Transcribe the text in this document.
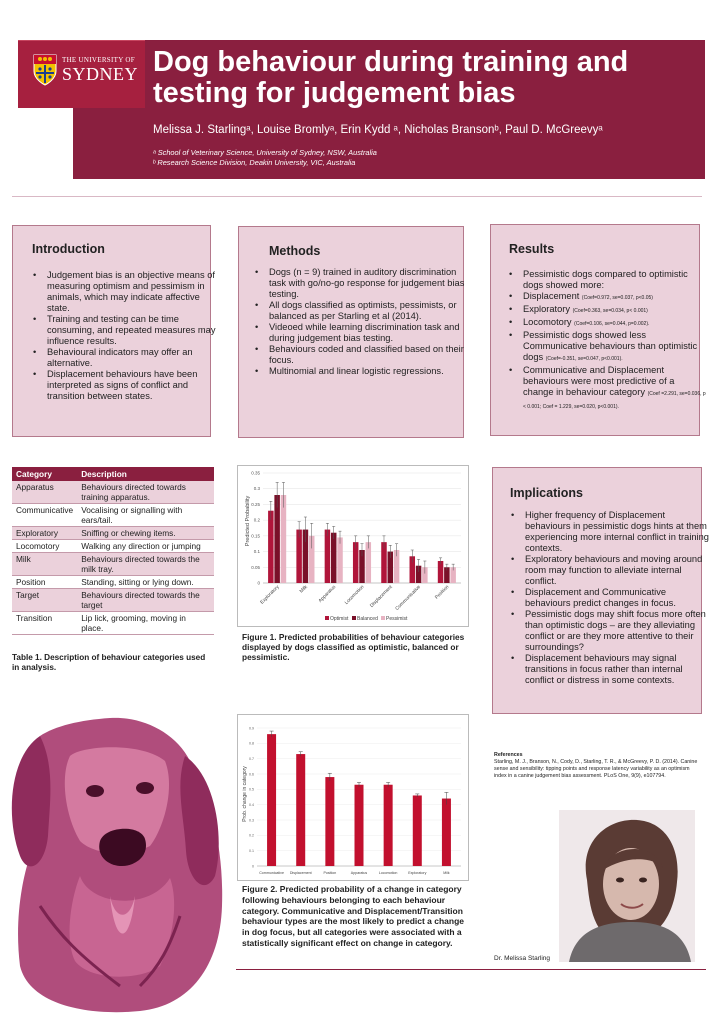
THE UNIVERSITY OF
SYDNEY Dog behaviour during training and testing for judgement bias
Melissa J. Starlingᵃ, Louise Bromlyᵃ, Erin Kydd ᵃ, Nicholas Bransonᵇ, Paul D. McGreevyᵃ
ᵃ School of Veterinary Science, University of Sydney, NSW, Australia
ᵇ Research Science Division, Deakin University, VIC, Australia
Introduction
• Judgement bias is an objective means of measuring optimism and pessimism in animals, which may indicate affective state.
• Training and testing can be time consuming, and repeated measures may influence results.
• Behavioural indicators may offer an alternative.
• Displacement behaviours have been interpreted as signs of conflict and transition between states.
Methods
• Dogs (n = 9) trained in auditory discrimination task with go/no-go response for judgement bias testing.
• All dogs classified as optimists, pessimists, or balanced as per Starling et al (2014).
• Videoed while learning discrimination task and during judgement bias testing.
• Behaviours coded and classified based on their focus.
• Multinomial and linear logistic regressions.
Results
• Pessimistic dogs compared to optimistic dogs showed more:
• Displacement (Coef=0.972, se=0.037, p<0.05)
• Exploratory (Coef=0.363, se=0.034, p< 0.001)
• Locomotory (Coef=0.106, se=0.044, p=0.002).
• Pessimistic dogs showed less Communicative behaviours than optimistic dogs (Coef=-0.351, se=0.047, p<0.001).
• Communicative and Displacement behaviours were most predictive of a change in behaviour category (Coef =2.291, se=0.036, p < 0.001; Coef = 1.229, se=0.020, p<0.001).
Category	Description
Apparatus	Behaviours directed towards training apparatus.
Communicative	Vocalising or signalling with ears/tail.
Exploratory	Sniffing or chewing items.
Locomotory	Walking any direction or jumping
Milk	Behaviours directed towards the milk tray.
Position	Standing, sitting or lying down.
Target	Behaviours directed towards the target
Transition	Lip lick, grooming, moving in place.
Table 1. Description of behaviour categories used in analysis.
0
0.05
0.1
0.15
0.2
0.25
0.3
0.35
Exploratory	Milk Apparatus Locomotion Displacement Communicative	Position
Predicted Probability
Optimist Balanced Pessimist
Figure 1. Predicted probabilities of behaviour categories displayed by dogs classified as optimistic, balanced or pessimistic.
Implications
• Higher frequency of Displacement behaviours in pessimistic dogs hints at them experiencing more internal conflict in training contexts.
• Exploratory behaviours and moving around room may function to alleviate internal conflict.
• Displacement and Communicative behaviours predict changes in focus.
• Pessimistic dogs may shift focus more often than optimistic dogs – are they alleviating conflict or are they more attentive to their surroundings?
• Displacement behaviours may signal transitions in focus rather than internal conflict or distress in some contexts.
0
0.1
0.2
0.3
0.4
0.5
0.6
0.7
0.8
0.9
Communicative Displacement	Position	Apparatus	Locomotion	Exploratory	Milk
Prob. change in category
Figure 2. Predicted probability of a change in category following behaviours belonging to each behaviour category. Communicative and Displacement/Transition behaviour types are the most likely to predict a change in dog focus, but all categories were associated with a statistically significant effect on change in category.
References
Starling, M. J., Branson, N., Cody, D., Starling, T. R., & McGreevy, P. D. (2014). Canine sense and sensibility: tipping points and response latency variability as an optimism index in a canine judgement bias assessment. PLoS One, 9(9), e107794.
Dr. Melissa Starling
